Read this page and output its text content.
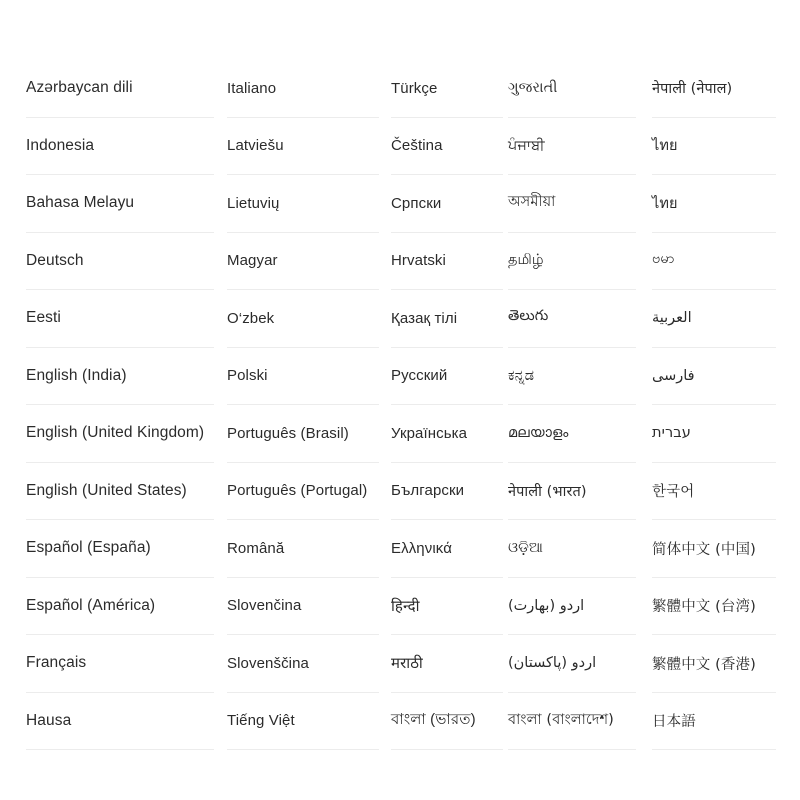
Azərbaycan dili
Indonesia
Bahasa Melayu
Deutsch
Eesti
English (India)
English (United Kingdom)
English (United States)
Español (España)
Español (América)
Français
Hausa
Italiano
Latviešu
Lietuvių
Magyar
O‘zbek
Polski
Português (Brasil)
Português (Portugal)
Română
Slovenčina
Slovenščina
Tiếng Việt
Türkçe
Čeština
Српски
Hrvatski
Қазақ тілі
Русский
Українська
Български
Ελληνικά
हिन्दी
मराठी
বাংলা (ভারত)
ગુજરાતી
ਪੰਜਾਬੀ
অসমীয়া
தமிழ்
తెలుగు
ಕನ್ನಡ
മലയാളം
नेपाली (भारत)
ଓଡ଼ିଆ
اردو (بھارت)
اردو (پاکستان)
বাংলা (বাংলাদেশ)
नेपाली (नेपाल)
ไทย
ไทย
ဗမာ
العربية
فارسی
עברית
한국어
简体中文 (中国)
繁體中文 (台湾)
繁體中文 (香港)
日本語
